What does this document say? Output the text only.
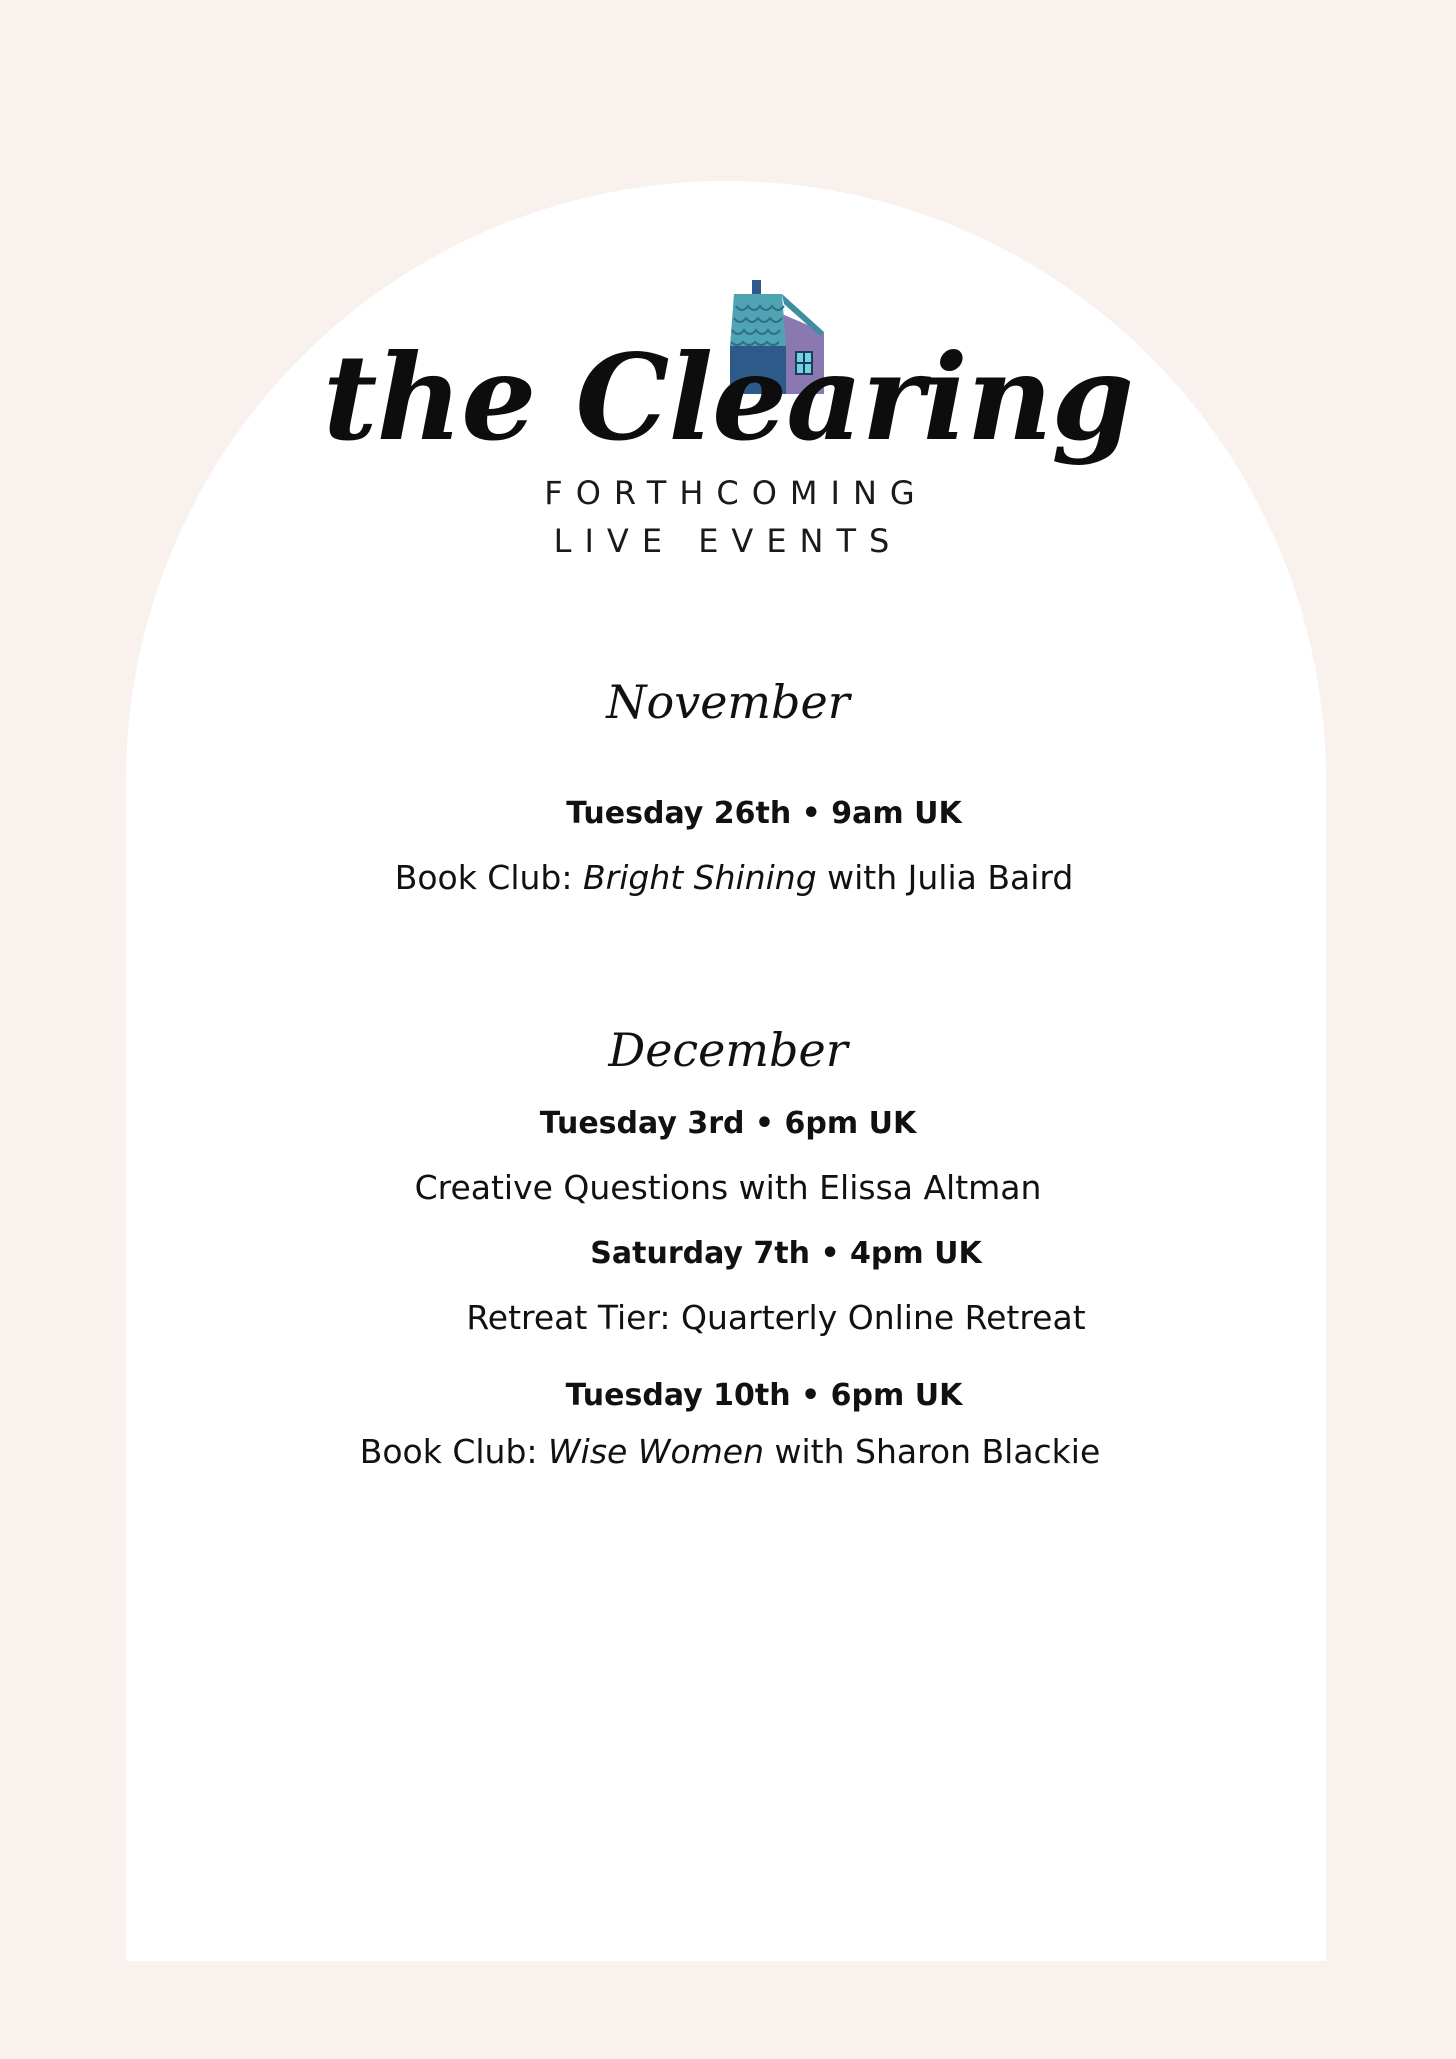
the Clearing
FORTHCOMING
LIVE EVENTS
November
Tuesday 26th • 9am UK
Book Club: Bright Shining with Julia Baird
December
Tuesday 3rd • 6pm UK
Creative Questions with Elissa Altman
Saturday 7th • 4pm UK
Retreat Tier: Quarterly Online Retreat
Tuesday 10th • 6pm UK
Book Club: Wise Women with Sharon Blackie
